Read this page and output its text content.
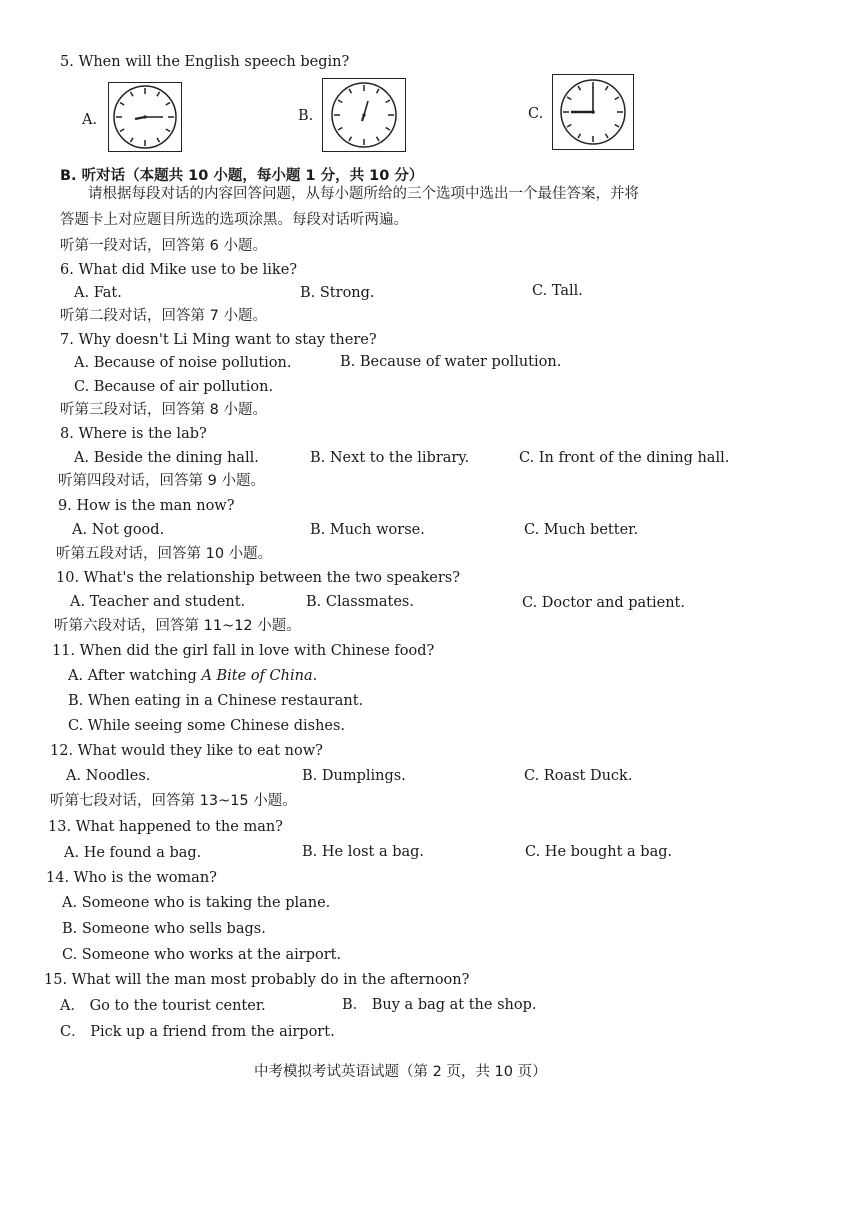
5. When will the English speech begin?
A.	B.	C.
B. 听对话（本题共 10 小题，每小题 1 分，共 10 分）
请根据每段对话的内容回答问题，从每小题所给的三个选项中选出一个最佳答案，并将
答题卡上对应题目所选的选项涂黑。每段对话听两遍。
听第一段对话，回答第 6 小题。
6. What did Mike use to be like?
A. Fat.	B. Strong.	C. Tall.
听第二段对话，回答第 7 小题。
7. Why doesn't Li Ming want to stay there?
A. Because of noise pollution.	B. Because of water pollution.
C. Because of air pollution.
听第三段对话，回答第 8 小题。
8. Where is the lab?
A. Beside the dining hall.	B. Next to the library.	C. In front of the dining hall.
听第四段对话，回答第 9 小题。
9. How is the man now?
A. Not good.	B. Much worse.	C. Much better.
听第五段对话，回答第 10 小题。
10. What's the relationship between the two speakers?
A. Teacher and student.	B. Classmates.	C. Doctor and patient.
听第六段对话，回答第 11~12 小题。
11. When did the girl fall in love with Chinese food?
A. After watching A Bite of China.
B. When eating in a Chinese restaurant.
C. While seeing some Chinese dishes.
12. What would they like to eat now?
A. Noodles.	B. Dumplings.	C. Roast Duck.
听第七段对话，回答第 13~15 小题。
13. What happened to the man?
A. He found a bag.	B. He lost a bag.	C. He bought a bag.
14. Who is the woman?
A. Someone who is taking the plane.
B. Someone who sells bags.
C. Someone who works at the airport.
15. What will the man most probably do in the afternoon?
A． Go to the tourist center.	B． Buy a bag at the shop.
C． Pick up a friend from the airport.
中考模拟考试英语试题（第 2 页，共 10 页）
